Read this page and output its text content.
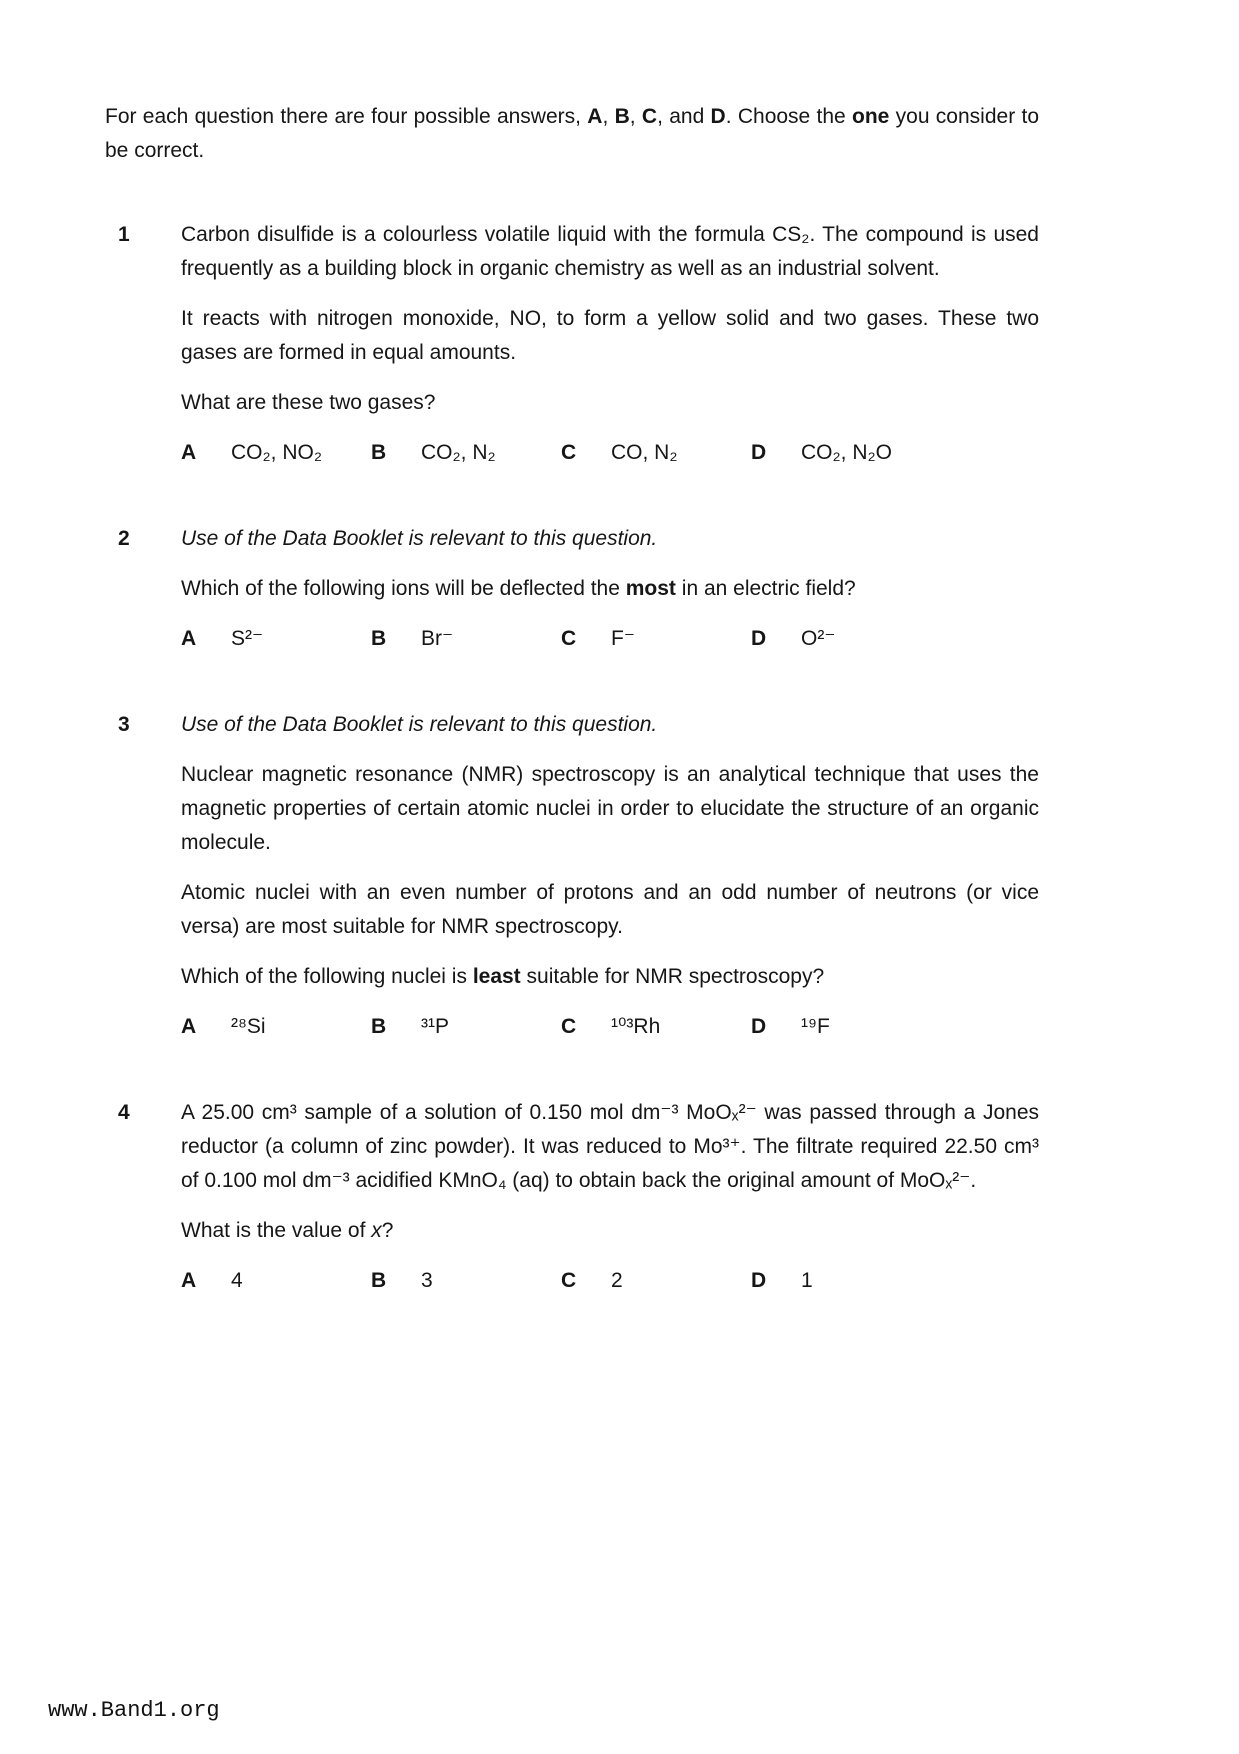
For each question there are four possible answers, A, B, C, and D. Choose the one you consider to be correct.

1	Carbon disulfide is a colourless volatile liquid with the formula CS₂. The compound is used frequently as a building block in organic chemistry as well as an industrial solvent.

It reacts with nitrogen monoxide, NO, to form a yellow solid and two gases. These two gases are formed in equal amounts.

What are these two gases?

A	CO₂, NO₂ B	CO₂, N₂	C	CO, N₂	D	CO₂, N₂O
2	Use of the Data Booklet is relevant to this question.

Which of the following ions will be deflected the most in an electric field?

A	S²⁻	B	Br⁻	C	F⁻	D	O²⁻
3	Use of the Data Booklet is relevant to this question.

Nuclear magnetic resonance (NMR) spectroscopy is an analytical technique that uses the magnetic properties of certain atomic nuclei in order to elucidate the structure of an organic molecule.

Atomic nuclei with an even number of protons and an odd number of neutrons (or vice versa) are most suitable for NMR spectroscopy.

Which of the following nuclei is least suitable for NMR spectroscopy?

A	²⁸Si	B	³¹P	C	¹⁰³Rh	D	¹⁹F
4	A 25.00 cm³ sample of a solution of 0.150 mol dm⁻³ MoOₓ²⁻ was passed through a Jones reductor (a column of zinc powder). It was reduced to Mo³⁺. The filtrate required 22.50 cm³ of 0.100 mol dm⁻³ acidified KMnO₄ (aq) to obtain back the original amount of MoOₓ²⁻.

What is the value of x?

A	4	B	3	C	2	D	1
www.Band1.org
